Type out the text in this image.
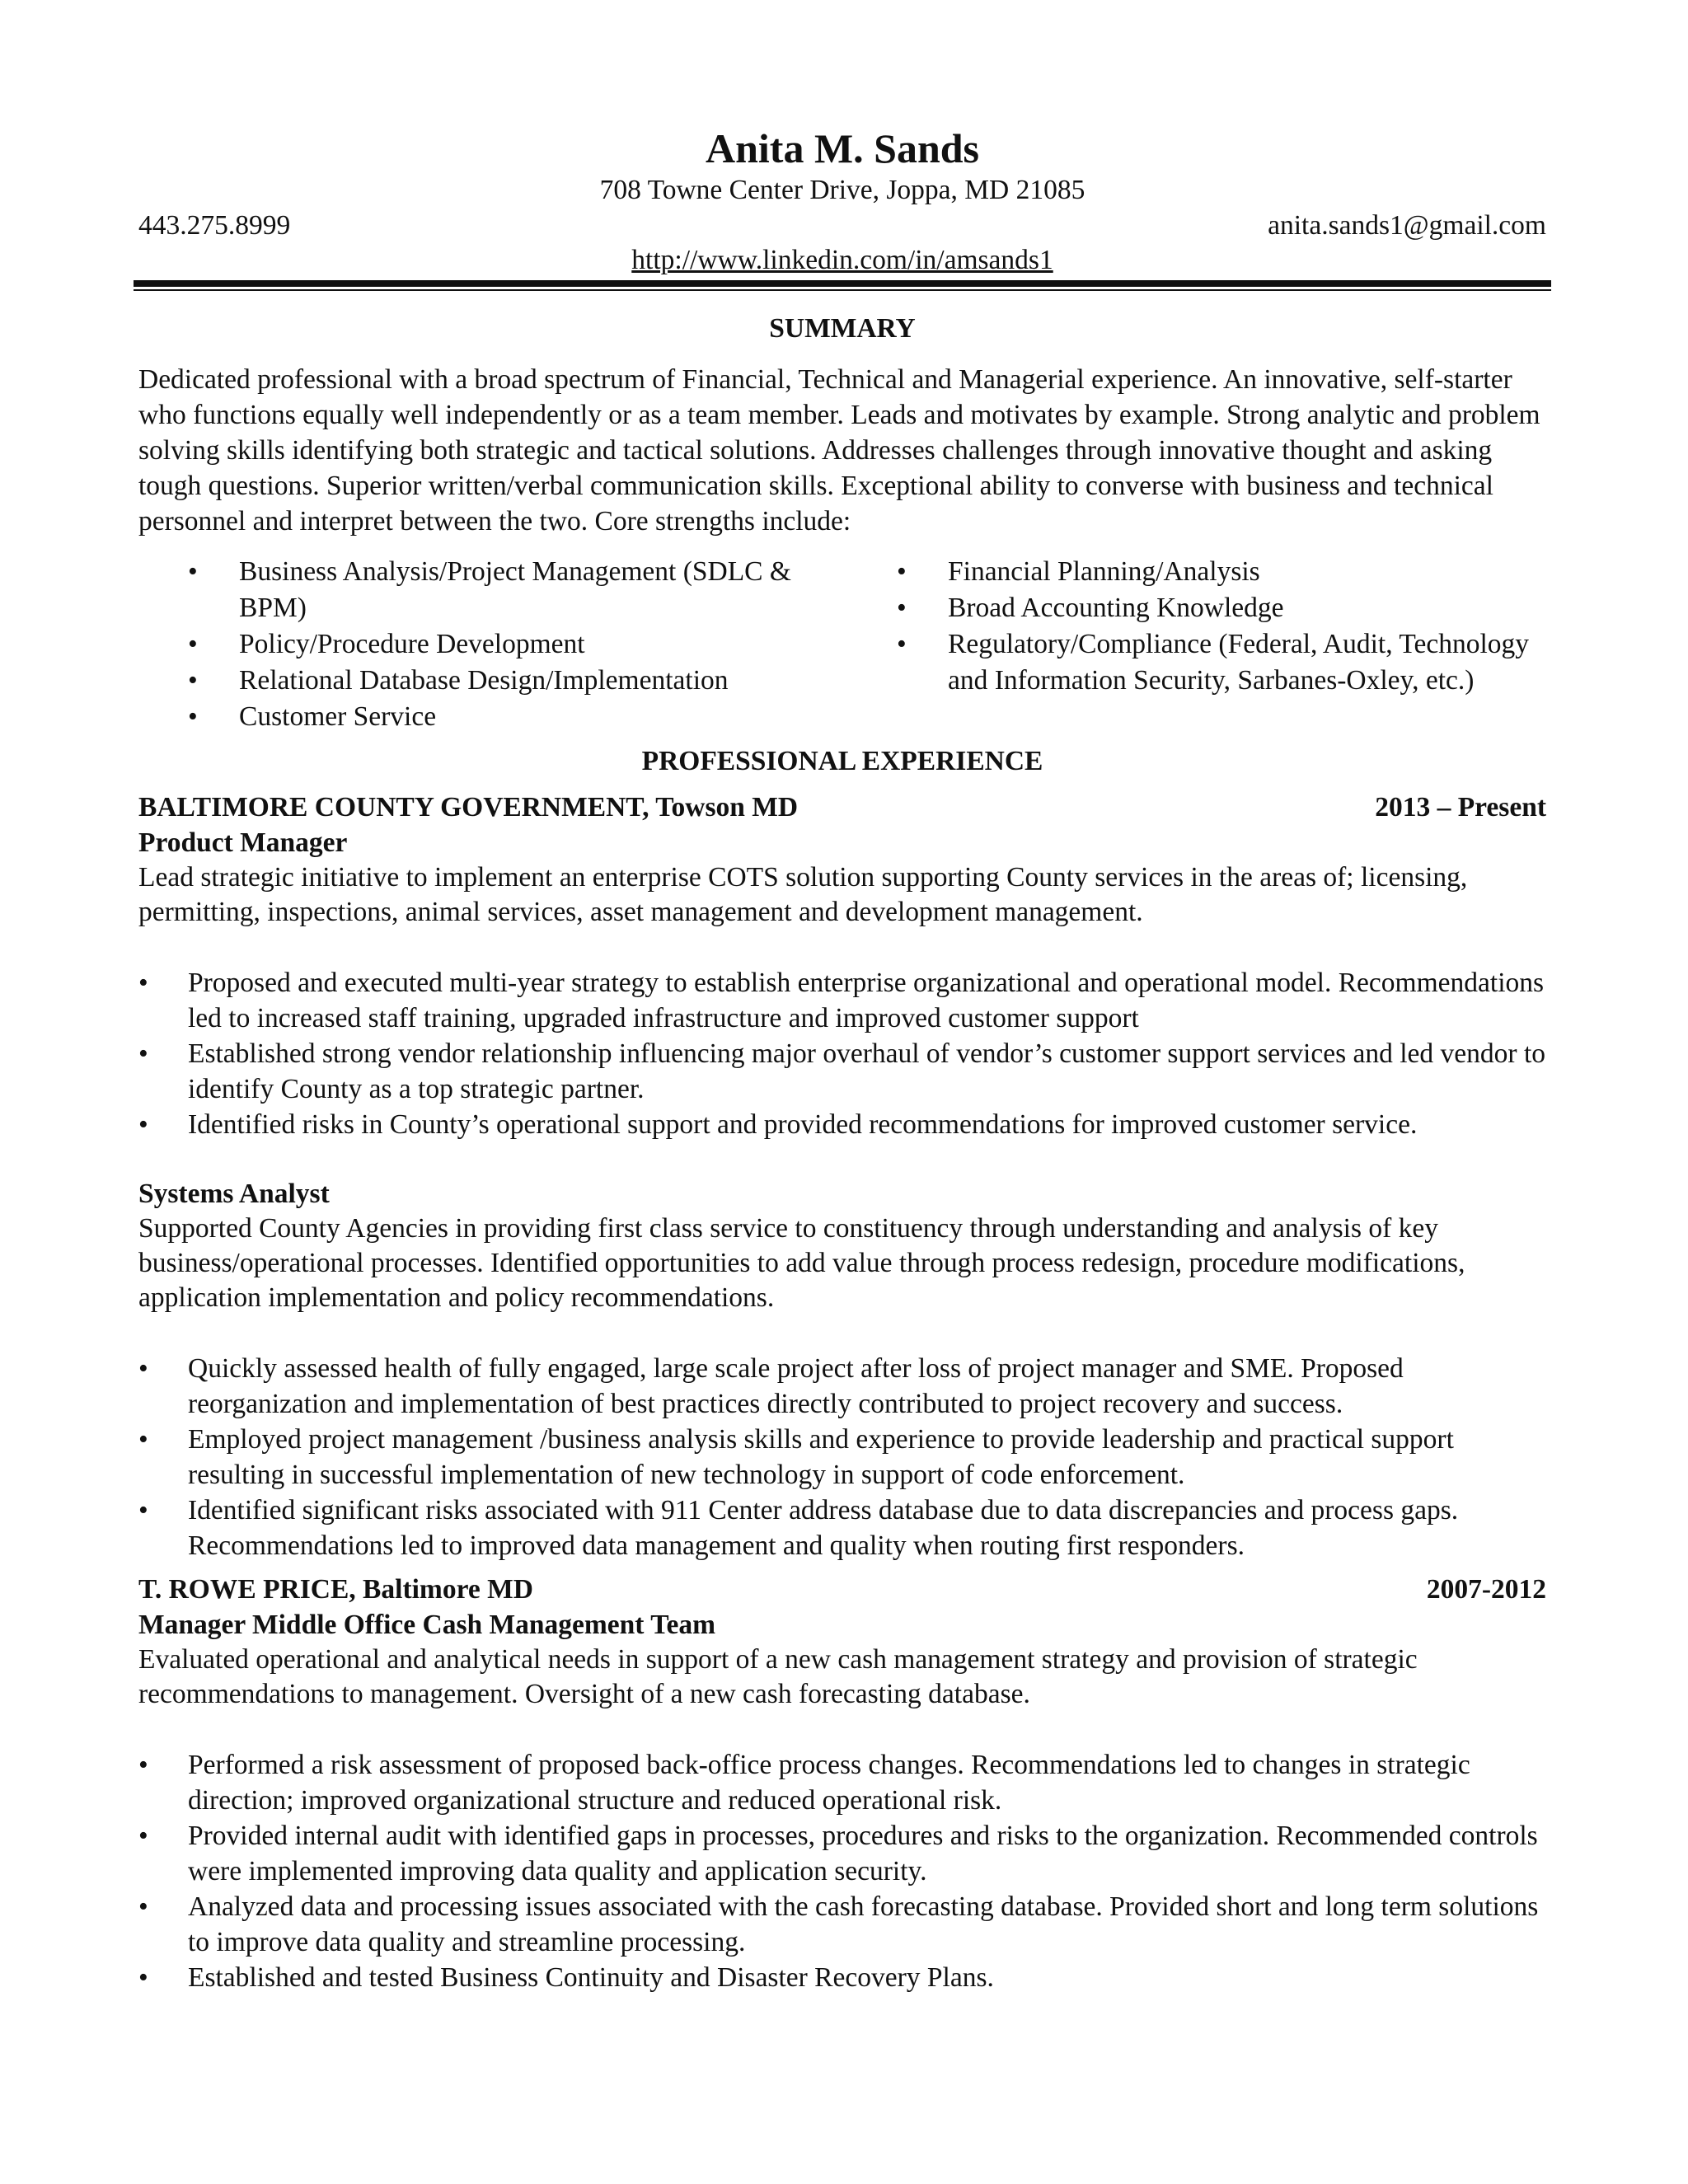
Anita M. Sands
708 Towne Center Drive, Joppa, MD 21085
443.275.8999	anita.sands1@gmail.com
http://www.linkedin.com/in/amsands1
SUMMARY

Dedicated professional with a broad spectrum of Financial, Technical and Managerial experience. An innovative, self-starter who functions equally well independently or as a team member. Leads and motivates by example. Strong analytic and problem solving skills identifying both strategic and tactical solutions. Addresses challenges through innovative thought and asking tough questions. Superior written/verbal communication skills. Exceptional ability to converse with business and technical personnel and interpret between the two. Core strengths include:

• Business Analysis/Project Management (SDLC & BPM)
• Policy/Procedure Development
• Relational Database Design/Implementation
• Customer Service
• Financial Planning/Analysis
• Broad Accounting Knowledge
• Regulatory/Compliance (Federal, Audit, Technology and Information Security, Sarbanes-Oxley, etc.)
PROFESSIONAL EXPERIENCE
BALTIMORE COUNTY GOVERNMENT, Towson MD	2013 – Present
Product Manager

Lead strategic initiative to implement an enterprise COTS solution supporting County services in the areas of; licensing, permitting, inspections, animal services, asset management and development management.

• Proposed and executed multi-year strategy to establish enterprise organizational and operational model. Recommendations led to increased staff training, upgraded infrastructure and improved customer support
• Established strong vendor relationship influencing major overhaul of vendor’s customer support services and led vendor to identify County as a top strategic partner.
• Identified risks in County’s operational support and provided recommendations for improved customer service.
Systems Analyst

Supported County Agencies in providing first class service to constituency through understanding and analysis of key business/operational processes. Identified opportunities to add value through process redesign, procedure modifications, application implementation and policy recommendations.

• Quickly assessed health of fully engaged, large scale project after loss of project manager and SME. Proposed reorganization and implementation of best practices directly contributed to project recovery and success.
• Employed project management /business analysis skills and experience to provide leadership and practical support resulting in successful implementation of new technology in support of code enforcement.
• Identified significant risks associated with 911 Center address database due to data discrepancies and process gaps. Recommendations led to improved data management and quality when routing first responders.
T. ROWE PRICE, Baltimore MD	2007-2012
Manager Middle Office Cash Management Team

Evaluated operational and analytical needs in support of a new cash management strategy and provision of strategic recommendations to management. Oversight of a new cash forecasting database.

• Performed a risk assessment of proposed back-office process changes. Recommendations led to changes in strategic direction; improved organizational structure and reduced operational risk.
• Provided internal audit with identified gaps in processes, procedures and risks to the organization. Recommended controls were implemented improving data quality and application security.
• Analyzed data and processing issues associated with the cash forecasting database. Provided short and long term solutions to improve data quality and streamline processing.
• Established and tested Business Continuity and Disaster Recovery Plans.
